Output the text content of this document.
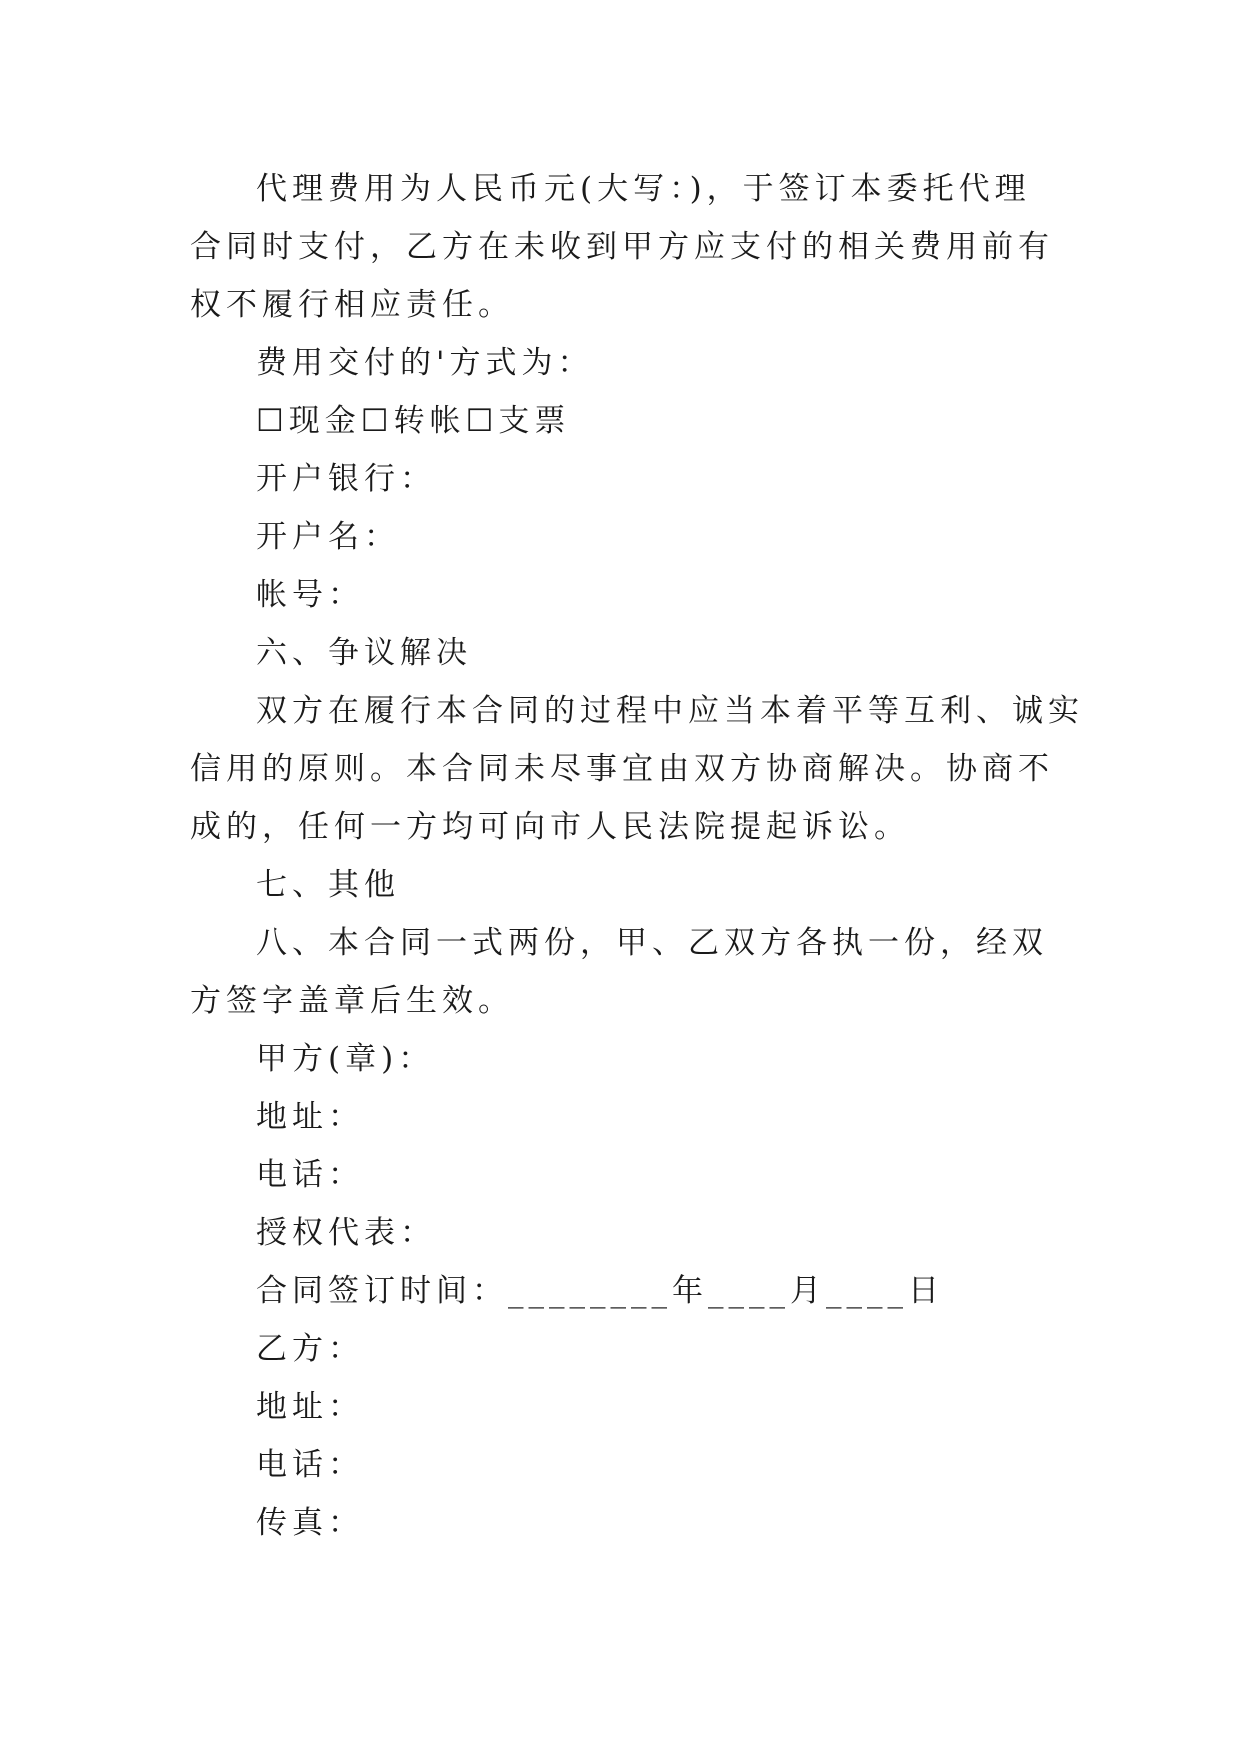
代理费用为人民币元(大写：)，于签订本委托代理合同时支付，乙方在未收到甲方应支付的相关费用前有权不履行相应责任。

费用交付的'方式为：

☐现金☐转帐☐支票

开户银行：

开户名：

帐号：

六、争议解决

双方在履行本合同的过程中应当本着平等互利、诚实信用的原则。本合同未尽事宜由双方协商解决。协商不成的，任何一方均可向市人民法院提起诉讼。

七、其他

八、本合同一式两份，甲、乙双方各执一份，经双方签字盖章后生效。

甲方(章)：

地址：

电话：

授权代表：

合同签订时间：________年____月____日

乙方：

地址：

电话：

传真：
